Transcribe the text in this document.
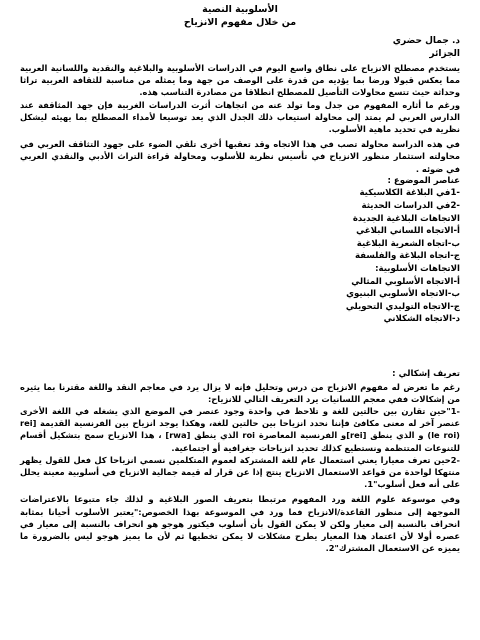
الأسلوبية النصية

من خلال مفهوم الانزياح

د. جمال حضري
الجزائر

يستخدم مصطلح الانزياح على نطاق واسع اليوم في الدراسات الأسلوبية والبلاغية والنقدية واللسانية العربية مما يعكس قبولا ورضا بما يؤديه من قدرة على الوصف من جهة وما يمثله من مناسبة للثقافة العربية تراثا وحداثة حيث تتسع محاولات التأصيل للمصطلح انطلاقا من مصادرة التناسب هذه.

ورغم ما أثاره المفهوم من جدل وما تولد عنه من اتجاهات أثرت الدراسات الغربية فإن جهد المثاقفة عند الدارس العربي لم يمتد إلى محاولة استيعاب ذلك الجدل الذي يعد توسيعا لأمداء المصطلح بما يهيئه ليشكل نظرية في تحديد ماهية الأسلوب.

في هذه الدراسة محاولة تصب في هذا الاتجاه وقد تعقبها أخرى تلقي الضوء على جهود التثاقف العربي في محاولته استثمار منظور الانزياح في تأسيس نظرية للأسلوب ومحاولة قراءة التراث الأدبي والنقدي العربي في ضوئه .

عناصر الموضوع :

-1في البلاغة الكلاسيكية

-2في الدراسات الحديثة

الاتجاهات البلاغية الجديدة

أ-الاتجاه اللساني البلاغي

ب-اتجاه الشعرية البلاغية

ج-اتجاه البلاغة والفلسفة

الاتجاهات الأسلوبية:

أ-الاتجاه الأسلوبي المثالي

ب-الاتجاه الأسلوبي البنيوي

ج-الاتجاه التوليدي التحويلي

د-الاتجاه الشكلاني

تعريف إشكالي :

رغم ما تعرض له مفهوم الانزياح من درس وتحليل فإنه لا يزال يرد في معاجم النقد واللغة مقترنا بما يثيره من إشكالات ففي معجم اللسانيات يرد التعريف التالي للانزياح:

-1"حين تقارن بين حالتين للغة و تلاحظ في واحدة وجود عنصر في الموضع الذي يشغله في اللغة الأخرى عنصر آخر له معنى مكافئ فإننا نحدد انزياحا بين حالتين للغة، وهكذا يوجد انزياح بين الفرنسية القديمة [rei (le roi) و الذي ينطق [rei]و الفرنسية المعاصرة roi الذي ينطق [rwa] ، هذا الانزياح سمح بتشكيل أقسام للتنوعات المتتظمة ونستطيع كذلك تحديد انزياحات جغرافية أو اجتماعية.

-2حين تعرف معيارا يعني استعمال عام للغة المشتركة لعموم المتكلمين نسمي انزياحا كل فعل للقول يظهر منتهكا لواحدة من قواعد الاستعمال الانزياح ينتج إذا عن قرار له قيمة جمالية الانزياح في أسلوبية معينة يحلل على أنه فعل أسلوب"1.

وفي موسوعة علوم اللغة ورد المفهوم مرتبطا بتعريف الصور البلاغية و لذلك جاء متبوعا بالاعتراضات الموجهة إلى منظور القاعدة/الانزياح فما ورد في الموسوعة بهذا الخصوص:"يعتبر الأسلوب أحيانا بمثابة انحراف بالنسبة إلى معيار ولكن لا يمكن القول بأن أسلوب فيكتور هوجو هو انحراف بالنسبة إلى معيار في عصره أولا لأن اعتماد هذا المعيار يطرح مشكلات لا يمكن تخطيها ثم لأن ما يميز هوجو ليس بالضرورة ما يميزه عن الاستعمال المشترك"2.
